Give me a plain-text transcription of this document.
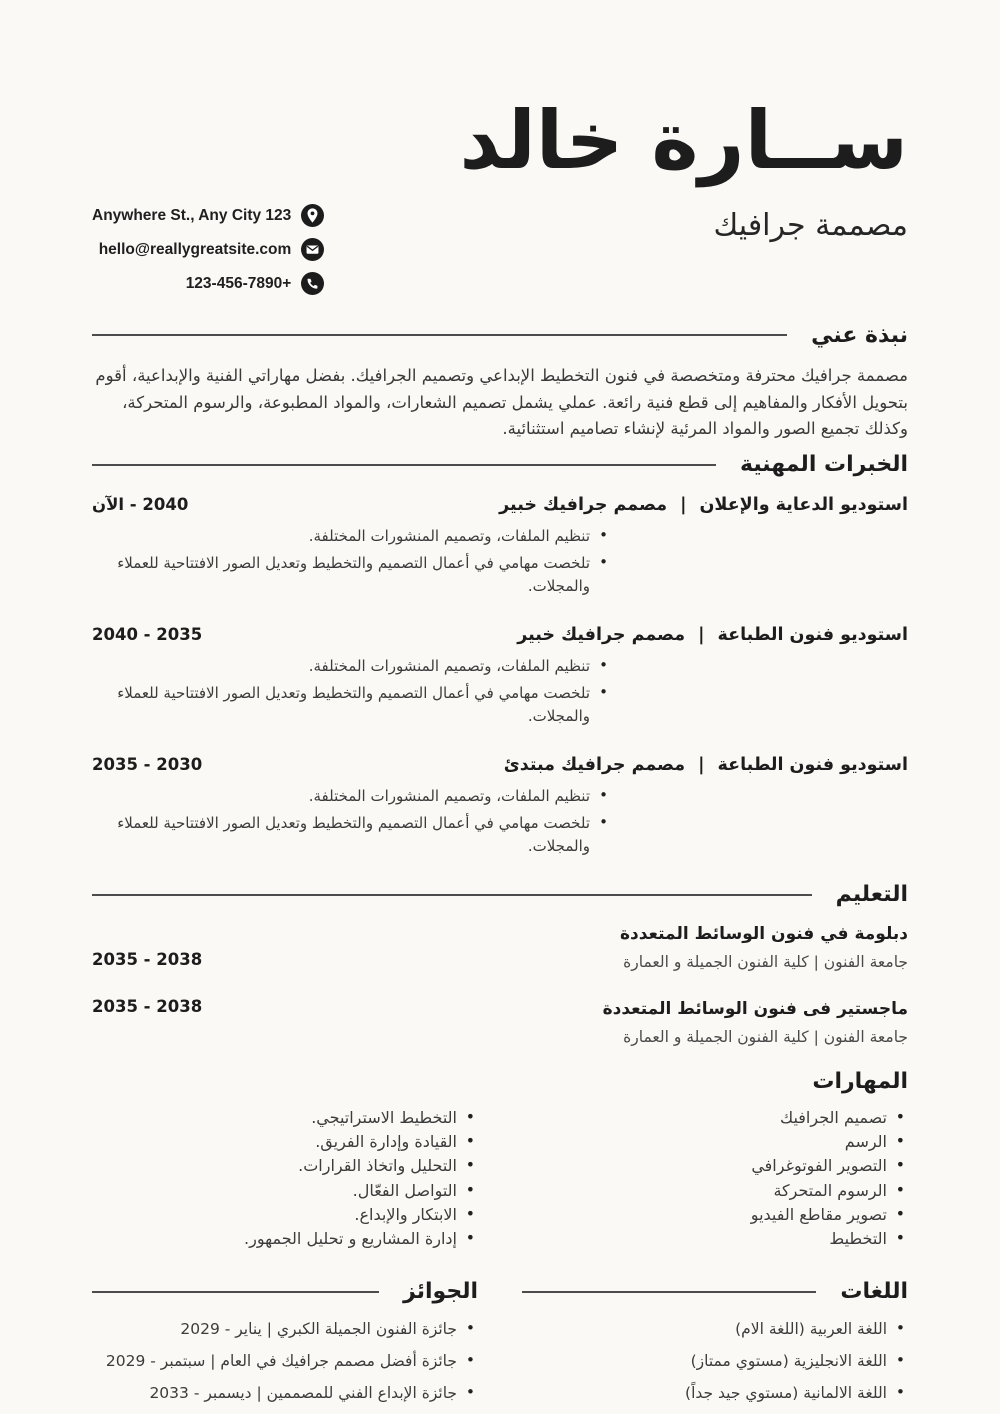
ســارة خالد
مصممة جرافيك
Anywhere St., Any City 123
hello@reallygreatsite.com
+123-456-7890
نبذة عني

مصممة جرافيك محترفة ومتخصصة في فنون التخطيط الإبداعي وتصميم الجرافيك. بفضل مهاراتي الفنية والإبداعية، أقوم بتحويل الأفكار والمفاهيم إلى قطع فنية رائعة. عملي يشمل تصميم الشعارات، والمواد المطبوعة، والرسوم المتحركة، وكذلك تجميع الصور والمواد المرئية لإنشاء تصاميم استثنائية.

الخبرات المهنية
استوديو الدعاية والإعلان
|
مصمم جرافيك خبير
2040 - الآن
• تنظيم الملفات، وتصميم المنشورات المختلفة.
• تلخصت مهامي في أعمال التصميم والتخطيط وتعديل الصور الافتتاحية للعملاء والمجلات.
استوديو فنون الطباعة
|
مصمم جرافيك خبير
2035 - 2040
• تنظيم الملفات، وتصميم المنشورات المختلفة.
• تلخصت مهامي في أعمال التصميم والتخطيط وتعديل الصور الافتتاحية للعملاء والمجلات.
استوديو فنون الطباعة
|
مصمم جرافيك مبتدئ
2030 - 2035
• تنظيم الملفات، وتصميم المنشورات المختلفة.
• تلخصت مهامي في أعمال التصميم والتخطيط وتعديل الصور الافتتاحية للعملاء والمجلات.
التعليم
دبلومة في فنون الوسائط المتعددة
جامعة الفنون | كلية الفنون الجميلة و العمارة
2038 - 2035
ماجستير فى فنون الوسائط المتعددة
جامعة الفنون | كلية الفنون الجميلة و العمارة
2038 - 2035
المهارات
• تصميم الجرافيك
• الرسم
• التصوير الفوتوغرافي
• الرسوم المتحركة
• تصوير مقاطع الفيديو
• التخطيط
• التخطيط الاستراتيجي.
• القيادة وإدارة الفريق.
• التحليل واتخاذ القرارات.
• التواصل الفعّال.
• الابتكار والإبداع.
• إدارة المشاريع و تحليل الجمهور.
اللغات
• اللغة العربية (اللغة الام)
• اللغة الانجليزية (مستوي ممتاز)
• اللغة الالمانية (مستوي جيد جداً)
الجوائز
• جائزة الفنون الجميلة الكبري | يناير - 2029
• جائزة أفضل مصمم جرافيك في العام | سبتمبر - 2029
• جائزة الإبداع الفني للمصممين | ديسمبر - 2033
